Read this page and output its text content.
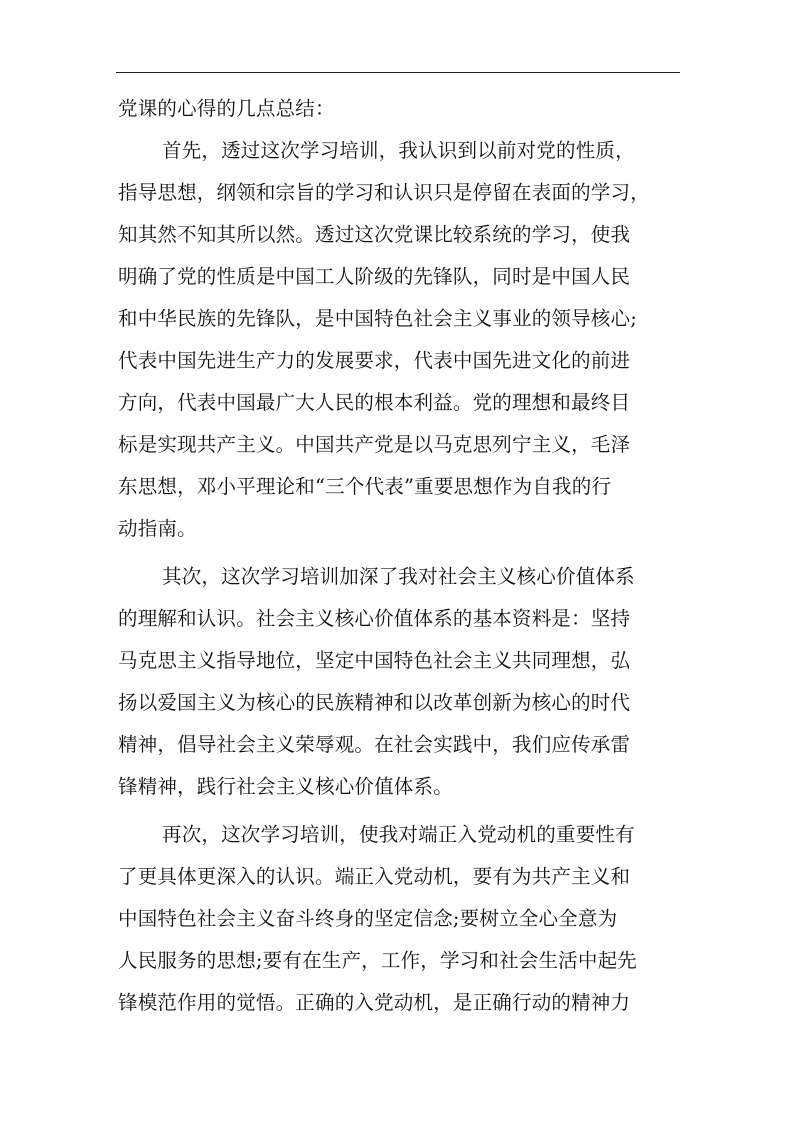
党课的心得的几点总结：
首先，透过这次学习培训，我认识到以前对党的性质，
指导思想，纲领和宗旨的学习和认识只是停留在表面的学习，
知其然不知其所以然。透过这次党课比较系统的学习，使我
明确了党的性质是中国工人阶级的先锋队，同时是中国人民
和中华民族的先锋队，是中国特色社会主义事业的领导核心;
代表中国先进生产力的发展要求，代表中国先进文化的前进
方向，代表中国最广大人民的根本利益。党的理想和最终目
标是实现共产主义。中国共产党是以马克思列宁主义，毛泽
东思想，邓小平理论和“三个代表”重要思想作为自我的行
动指南。
其次，这次学习培训加深了我对社会主义核心价值体系
的理解和认识。社会主义核心价值体系的基本资料是：坚持
马克思主义指导地位，坚定中国特色社会主义共同理想，弘
扬以爱国主义为核心的民族精神和以改革创新为核心的时代
精神，倡导社会主义荣辱观。在社会实践中，我们应传承雷
锋精神，践行社会主义核心价值体系。
再次，这次学习培训，使我对端正入党动机的重要性有
了更具体更深入的认识。端正入党动机，要有为共产主义和
中国特色社会主义奋斗终身的坚定信念;要树立全心全意为
人民服务的思想;要有在生产，工作，学习和社会生活中起先
锋模范作用的觉悟。正确的入党动机，是正确行动的精神力
